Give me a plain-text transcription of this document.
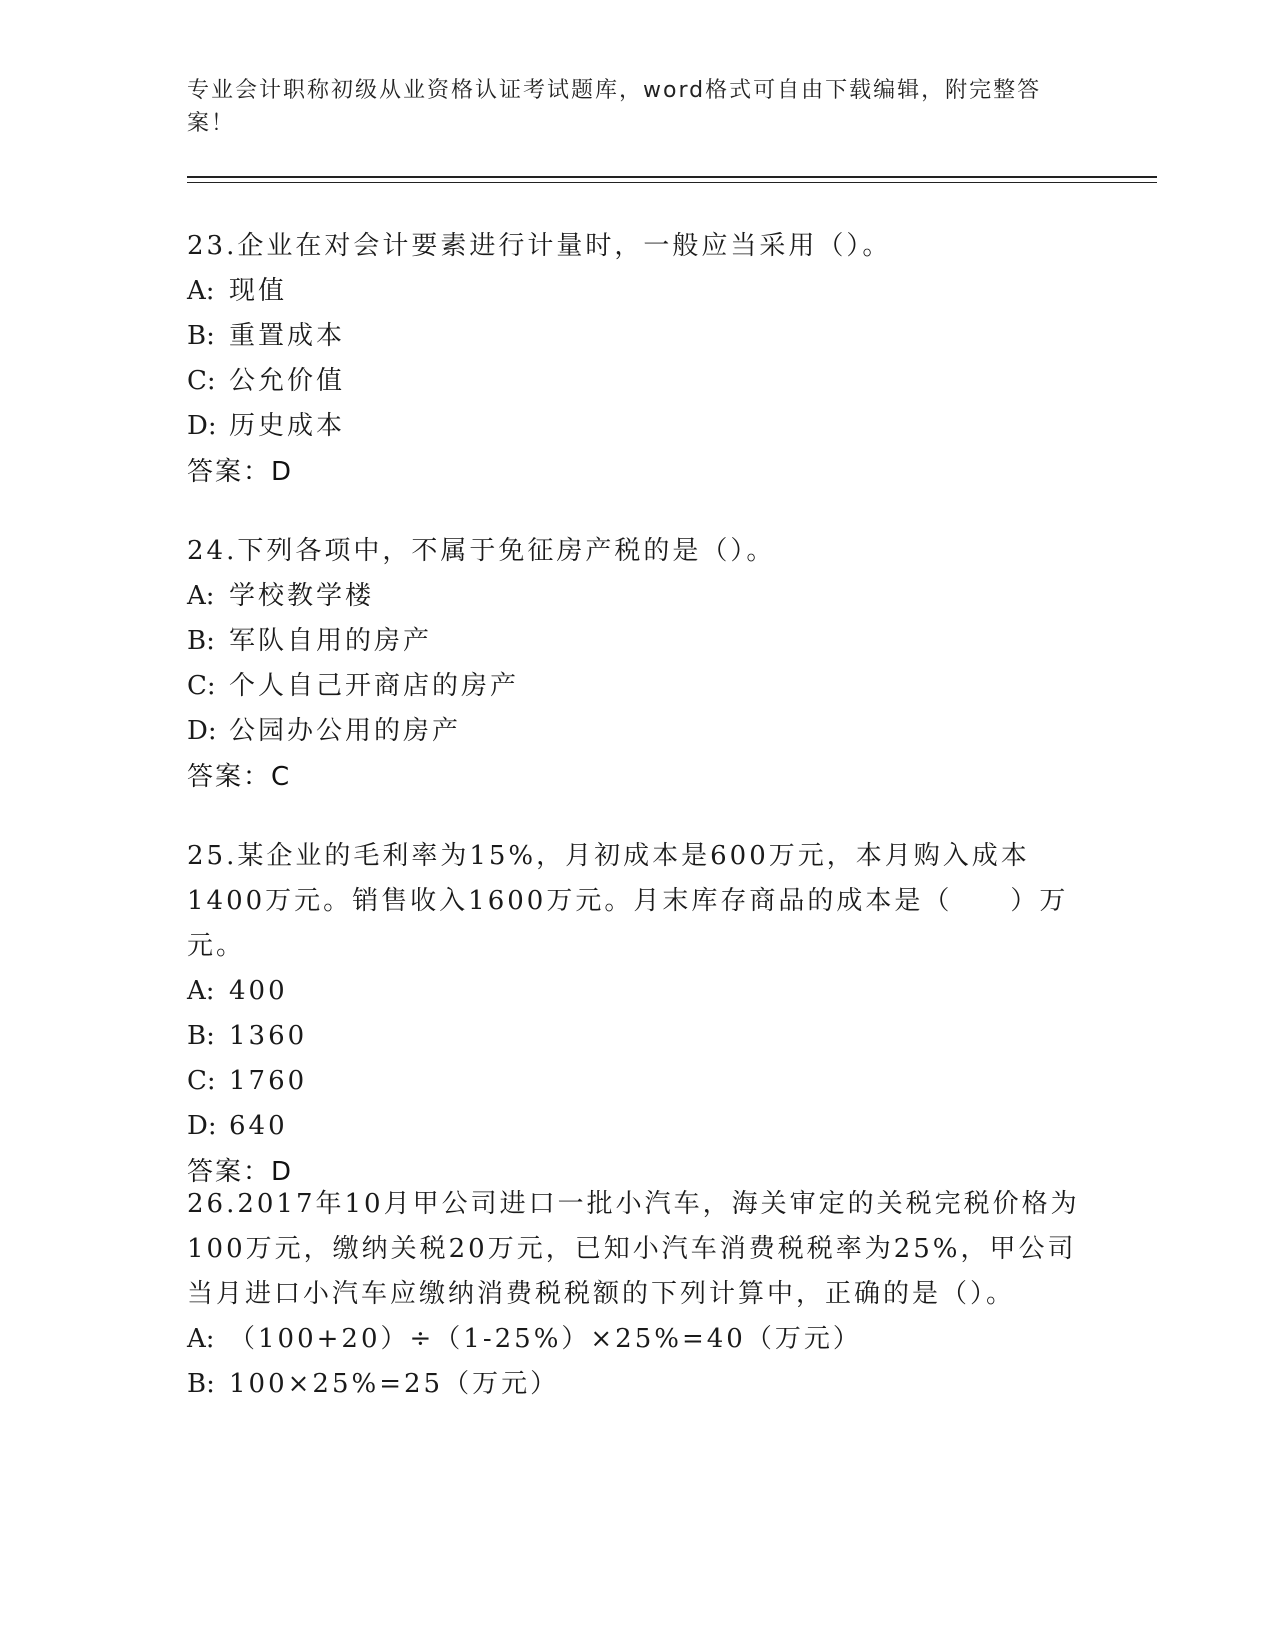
专业会计职称初级从业资格认证考试题库，word格式可自由下载编辑，附完整答案！

23.企业在对会计要素进行计量时，一般应当采用（）。

A: 现值

B: 重置成本

C: 公允价值

D: 历史成本

答案：D

24.下列各项中，不属于免征房产税的是（）。

A: 学校教学楼

B: 军队自用的房产

C: 个人自己开商店的房产

D: 公园办公用的房产

答案：C

25.某企业的毛利率为15%，月初成本是600万元，本月购入成本1400万元。销售收入1600万元。月末库存商品的成本是（　　）万元。

A: 400

B: 1360

C: 1760

D: 640

答案：D

26.2017年10月甲公司进口一批小汽车，海关审定的关税完税价格为100万元，缴纳关税20万元，已知小汽车消费税税率为25%，甲公司当月进口小汽车应缴纳消费税税额的下列计算中，正确的是（）。

A: （100+20）÷（1-25%）×25%=40（万元）

B: 100×25%=25（万元）
